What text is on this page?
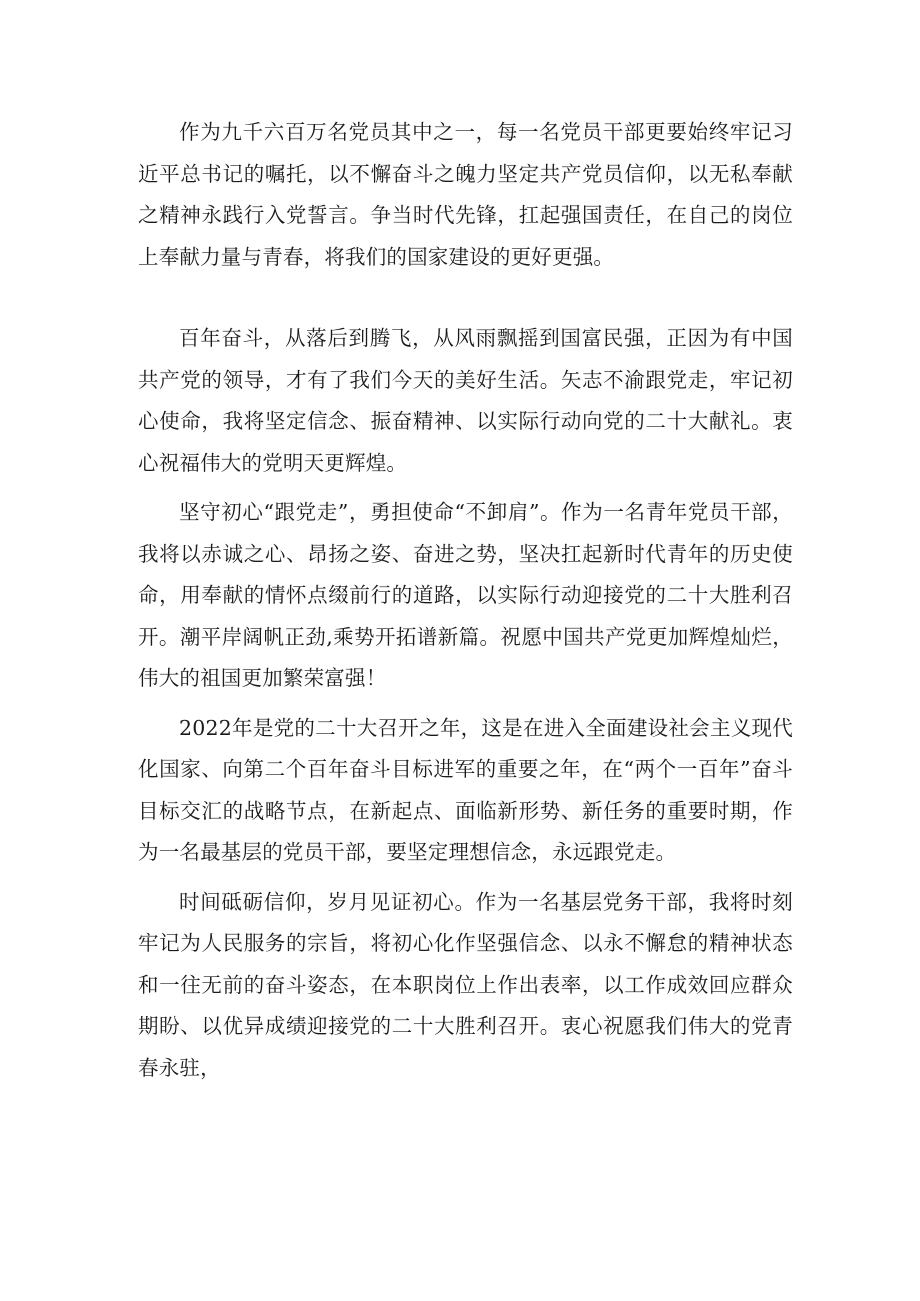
作为九千六百万名党员其中之一，每一名党员干部更要始终牢记习近平总书记的嘱托，以不懈奋斗之魄力坚定共产党员信仰，以无私奉献之精神永践行入党誓言。争当时代先锋，扛起强国责任，在自己的岗位上奉献力量与青春，将我们的国家建设的更好更强。

百年奋斗，从落后到腾飞，从风雨飘摇到国富民强，正因为有中国共产党的领导，才有了我们今天的美好生活。矢志不渝跟党走，牢记初心使命，我将坚定信念、振奋精神、以实际行动向党的二十大献礼。衷心祝福伟大的党明天更辉煌。

坚守初心“跟党走”，勇担使命“不卸肩”。作为一名青年党员干部，我将以赤诚之心、昂扬之姿、奋进之势，坚决扛起新时代青年的历史使命，用奉献的情怀点缀前行的道路，以实际行动迎接党的二十大胜利召开。潮平岸阔帆正劲,乘势开拓谱新篇。祝愿中国共产党更加辉煌灿烂，伟大的祖国更加繁荣富强！

2022年是党的二十大召开之年，这是在进入全面建设社会主义现代化国家、向第二个百年奋斗目标进军的重要之年，在“两个一百年”奋斗目标交汇的战略节点，在新起点、面临新形势、新任务的重要时期，作为一名最基层的党员干部，要坚定理想信念，永远跟党走。

时间砥砺信仰，岁月见证初心。作为一名基层党务干部，我将时刻牢记为人民服务的宗旨，将初心化作坚强信念、以永不懈怠的精神状态和一往无前的奋斗姿态，在本职岗位上作出表率，以工作成效回应群众期盼、以优异成绩迎接党的二十大胜利召开。衷心祝愿我们伟大的党青春永驻，
